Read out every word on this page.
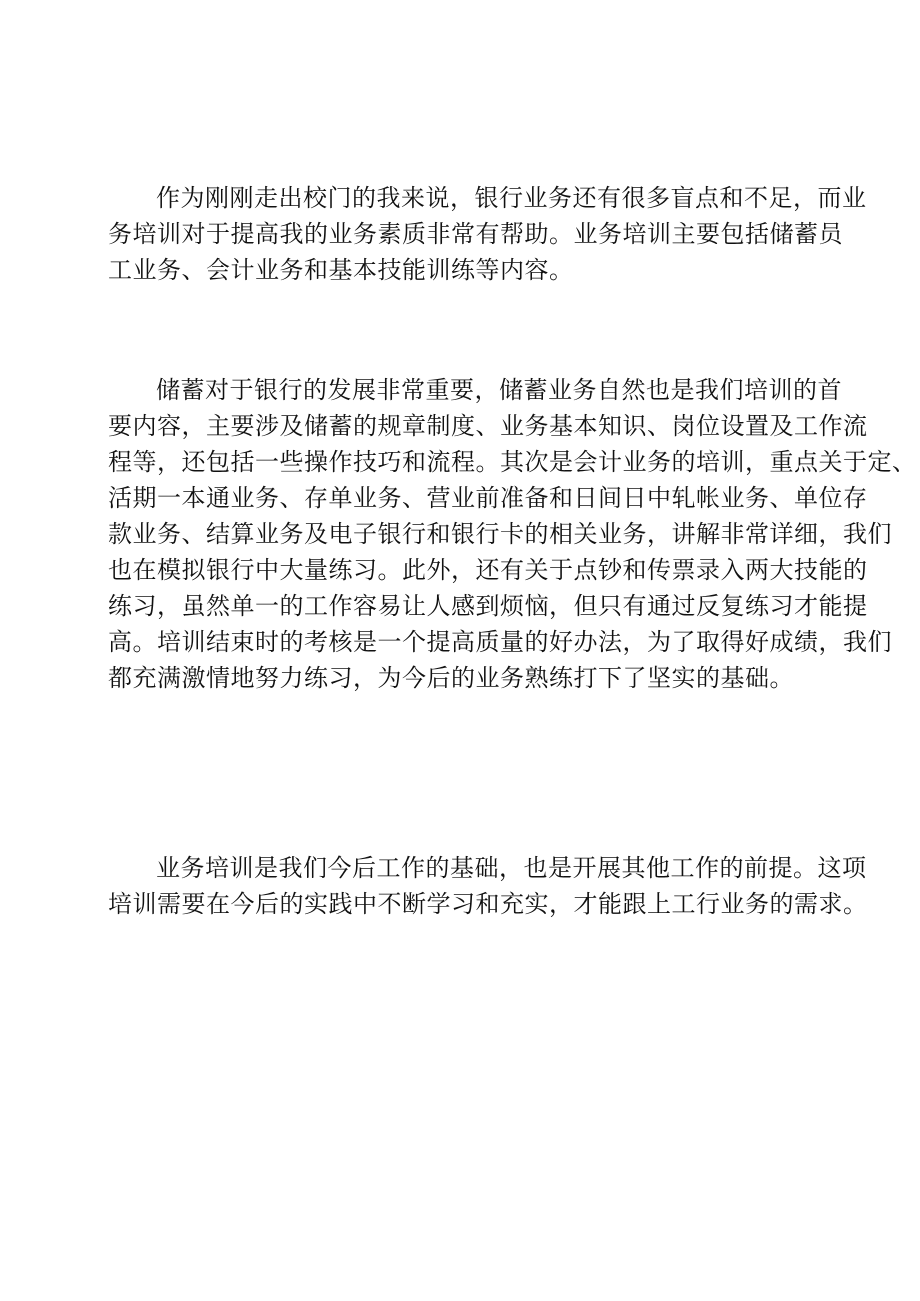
作为刚刚走出校门的我来说，银行业务还有很多盲点和不足，而业
务培训对于提高我的业务素质非常有帮助。业务培训主要包括储蓄员
工业务、会计业务和基本技能训练等内容。
储蓄对于银行的发展非常重要，储蓄业务自然也是我们培训的首
要内容，主要涉及储蓄的规章制度、业务基本知识、岗位设置及工作流
程等，还包括一些操作技巧和流程。其次是会计业务的培训，重点关于定、
活期一本通业务、存单业务、营业前准备和日间日中轧帐业务、单位存
款业务、结算业务及电子银行和银行卡的相关业务，讲解非常详细，我们
也在模拟银行中大量练习。此外，还有关于点钞和传票录入两大技能的
练习，虽然单一的工作容易让人感到烦恼，但只有通过反复练习才能提
高。培训结束时的考核是一个提高质量的好办法，为了取得好成绩，我们
都充满激情地努力练习，为今后的业务熟练打下了坚实的基础。
业务培训是我们今后工作的基础，也是开展其他工作的前提。这项
培训需要在今后的实践中不断学习和充实，才能跟上工行业务的需求。
